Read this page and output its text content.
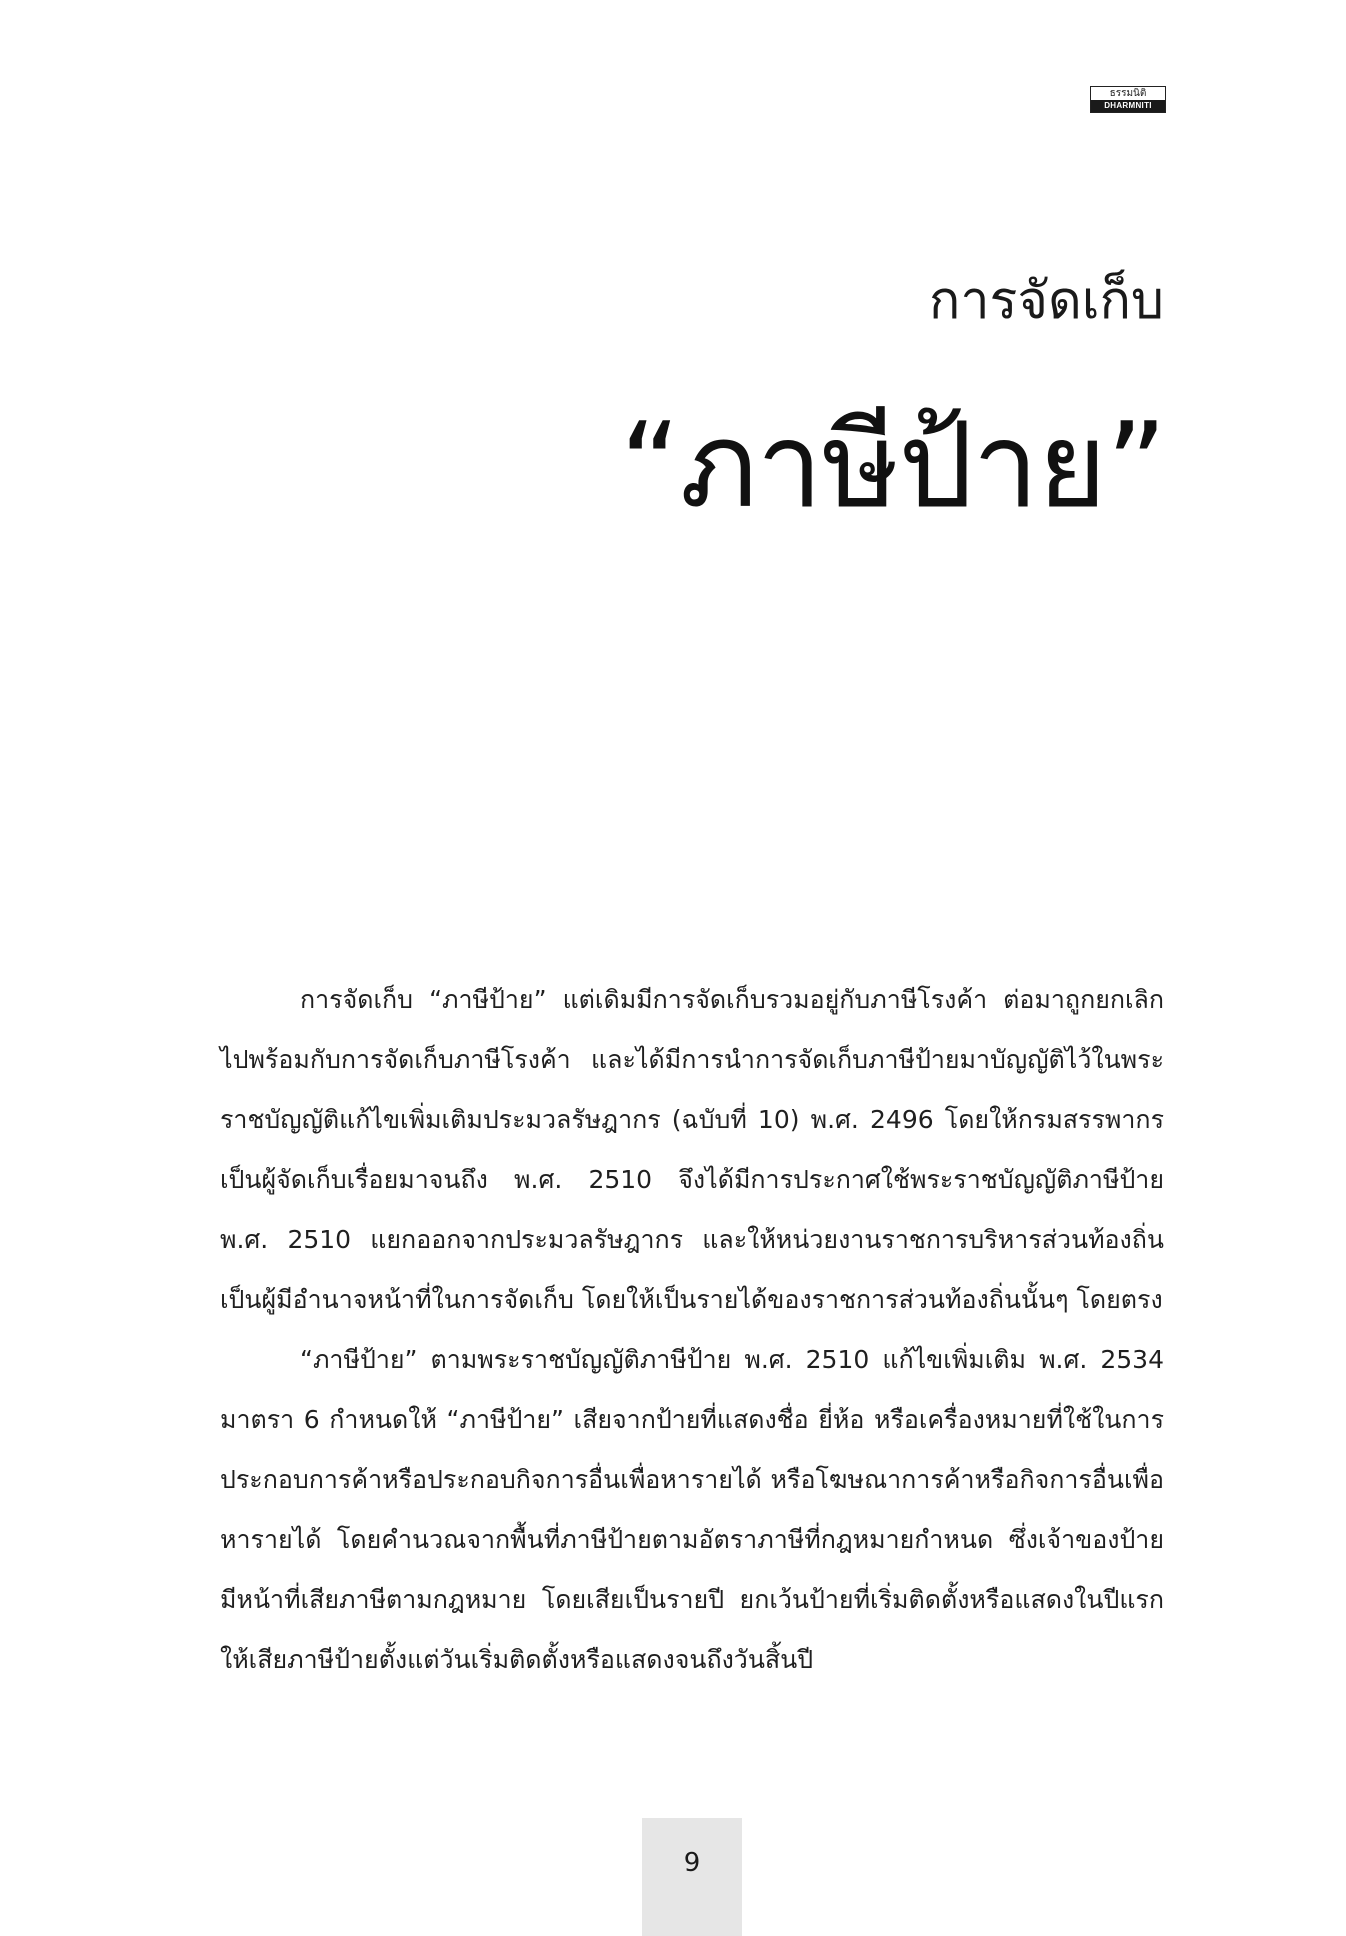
ธรรมนิติ
DHARMNITI
การจัดเก็บ
“ภาษีป้าย”

การจัดเก็บ “ภาษีป้าย” แต่เดิมมีการจัดเก็บรวมอยู่กับภาษีโรงค้า ต่อมาถูกยกเลิกไปพร้อมกับการจัดเก็บภาษีโรงค้า และได้มีการนำการจัดเก็บภาษีป้ายมาบัญญัติไว้ในพระราชบัญญัติแก้ไขเพิ่มเติมประมวลรัษฎากร (ฉบับที่ 10) พ.ศ. 2496 โดยให้กรมสรรพากรเป็นผู้จัดเก็บเรื่อยมาจนถึง พ.ศ. 2510 จึงได้มีการประกาศใช้พระราชบัญญัติภาษีป้าย พ.ศ. 2510 แยกออกจากประมวลรัษฎากร และให้หน่วยงานราชการบริหารส่วนท้องถิ่นเป็นผู้มีอำนาจหน้าที่ในการจัดเก็บ โดยให้เป็นรายได้ของราชการส่วนท้องถิ่นนั้นๆ โดยตรง

“ภาษีป้าย” ตามพระราชบัญญัติภาษีป้าย พ.ศ. 2510 แก้ไขเพิ่มเติม พ.ศ. 2534 มาตรา 6 กำหนดให้ “ภาษีป้าย” เสียจากป้ายที่แสดงชื่อ ยี่ห้อ หรือเครื่องหมายที่ใช้ในการประกอบการค้าหรือประกอบกิจการอื่นเพื่อหารายได้ หรือโฆษณาการค้าหรือกิจการอื่นเพื่อหารายได้ โดยคำนวณจากพื้นที่ภาษีป้ายตามอัตราภาษีที่กฎหมายกำหนด ซึ่งเจ้าของป้ายมีหน้าที่เสียภาษีตามกฎหมาย โดยเสียเป็นรายปี ยกเว้นป้ายที่เริ่มติดตั้งหรือแสดงในปีแรกให้เสียภาษีป้ายตั้งแต่วันเริ่มติดตั้งหรือแสดงจนถึงวันสิ้นปี

9
